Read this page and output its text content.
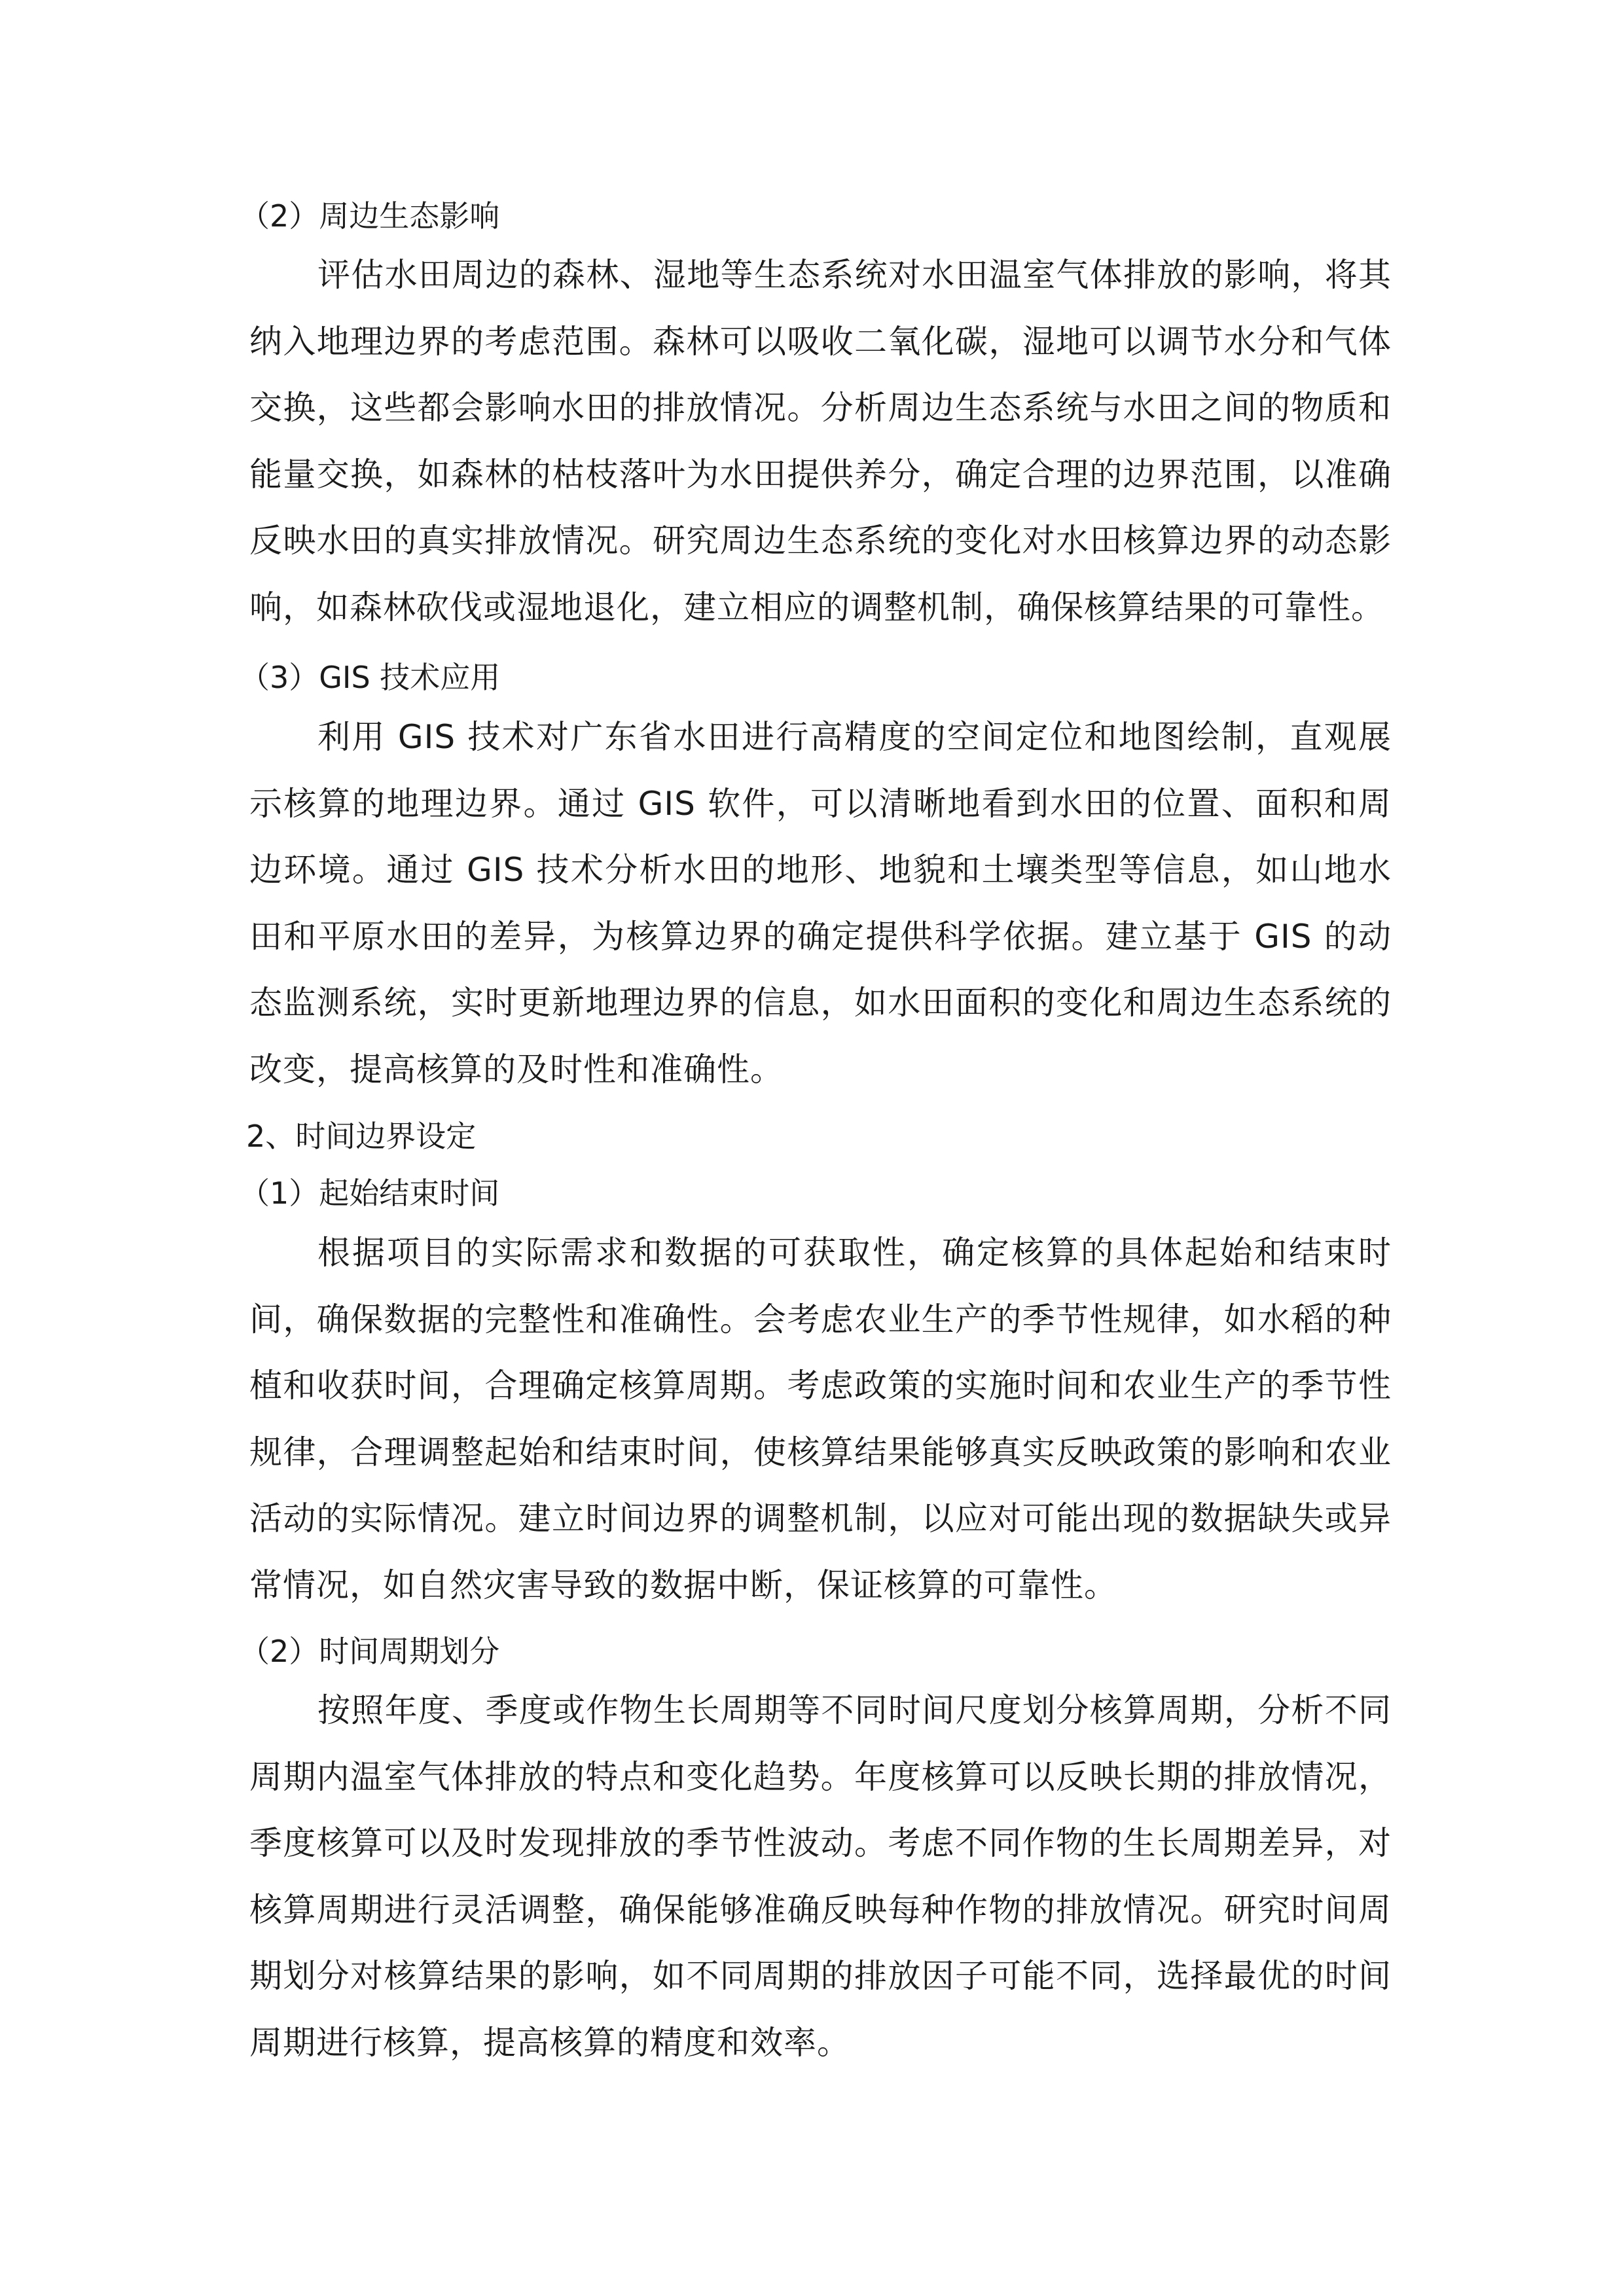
（2）周边生态影响

评估水田周边的森林、湿地等生态系统对水田温室气体排放的影响，将其纳入地理边界的考虑范围。森林可以吸收二氧化碳，湿地可以调节水分和气体交换，这些都会影响水田的排放情况。分析周边生态系统与水田之间的物质和能量交换，如森林的枯枝落叶为水田提供养分，确定合理的边界范围，以准确反映水田的真实排放情况。研究周边生态系统的变化对水田核算边界的动态影响，如森林砍伐或湿地退化，建立相应的调整机制，确保核算结果的可靠性。

（3）GIS 技术应用

利用 GIS 技术对广东省水田进行高精度的空间定位和地图绘制，直观展示核算的地理边界。通过 GIS 软件，可以清晰地看到水田的位置、面积和周边环境。通过 GIS 技术分析水田的地形、地貌和土壤类型等信息，如山地水田和平原水田的差异，为核算边界的确定提供科学依据。建立基于 GIS 的动态监测系统，实时更新地理边界的信息，如水田面积的变化和周边生态系统的改变，提高核算的及时性和准确性。

2、时间边界设定
（1）起始结束时间

根据项目的实际需求和数据的可获取性，确定核算的具体起始和结束时间，确保数据的完整性和准确性。会考虑农业生产的季节性规律，如水稻的种植和收获时间，合理确定核算周期。考虑政策的实施时间和农业生产的季节性规律，合理调整起始和结束时间，使核算结果能够真实反映政策的影响和农业活动的实际情况。建立时间边界的调整机制，以应对可能出现的数据缺失或异常情况，如自然灾害导致的数据中断，保证核算的可靠性。

（2）时间周期划分

按照年度、季度或作物生长周期等不同时间尺度划分核算周期，分析不同周期内温室气体排放的特点和变化趋势。年度核算可以反映长期的排放情况，季度核算可以及时发现排放的季节性波动。考虑不同作物的生长周期差异，对核算周期进行灵活调整，确保能够准确反映每种作物的排放情况。研究时间周期划分对核算结果的影响，如不同周期的排放因子可能不同，选择最优的时间周期进行核算，提高核算的精度和效率。
